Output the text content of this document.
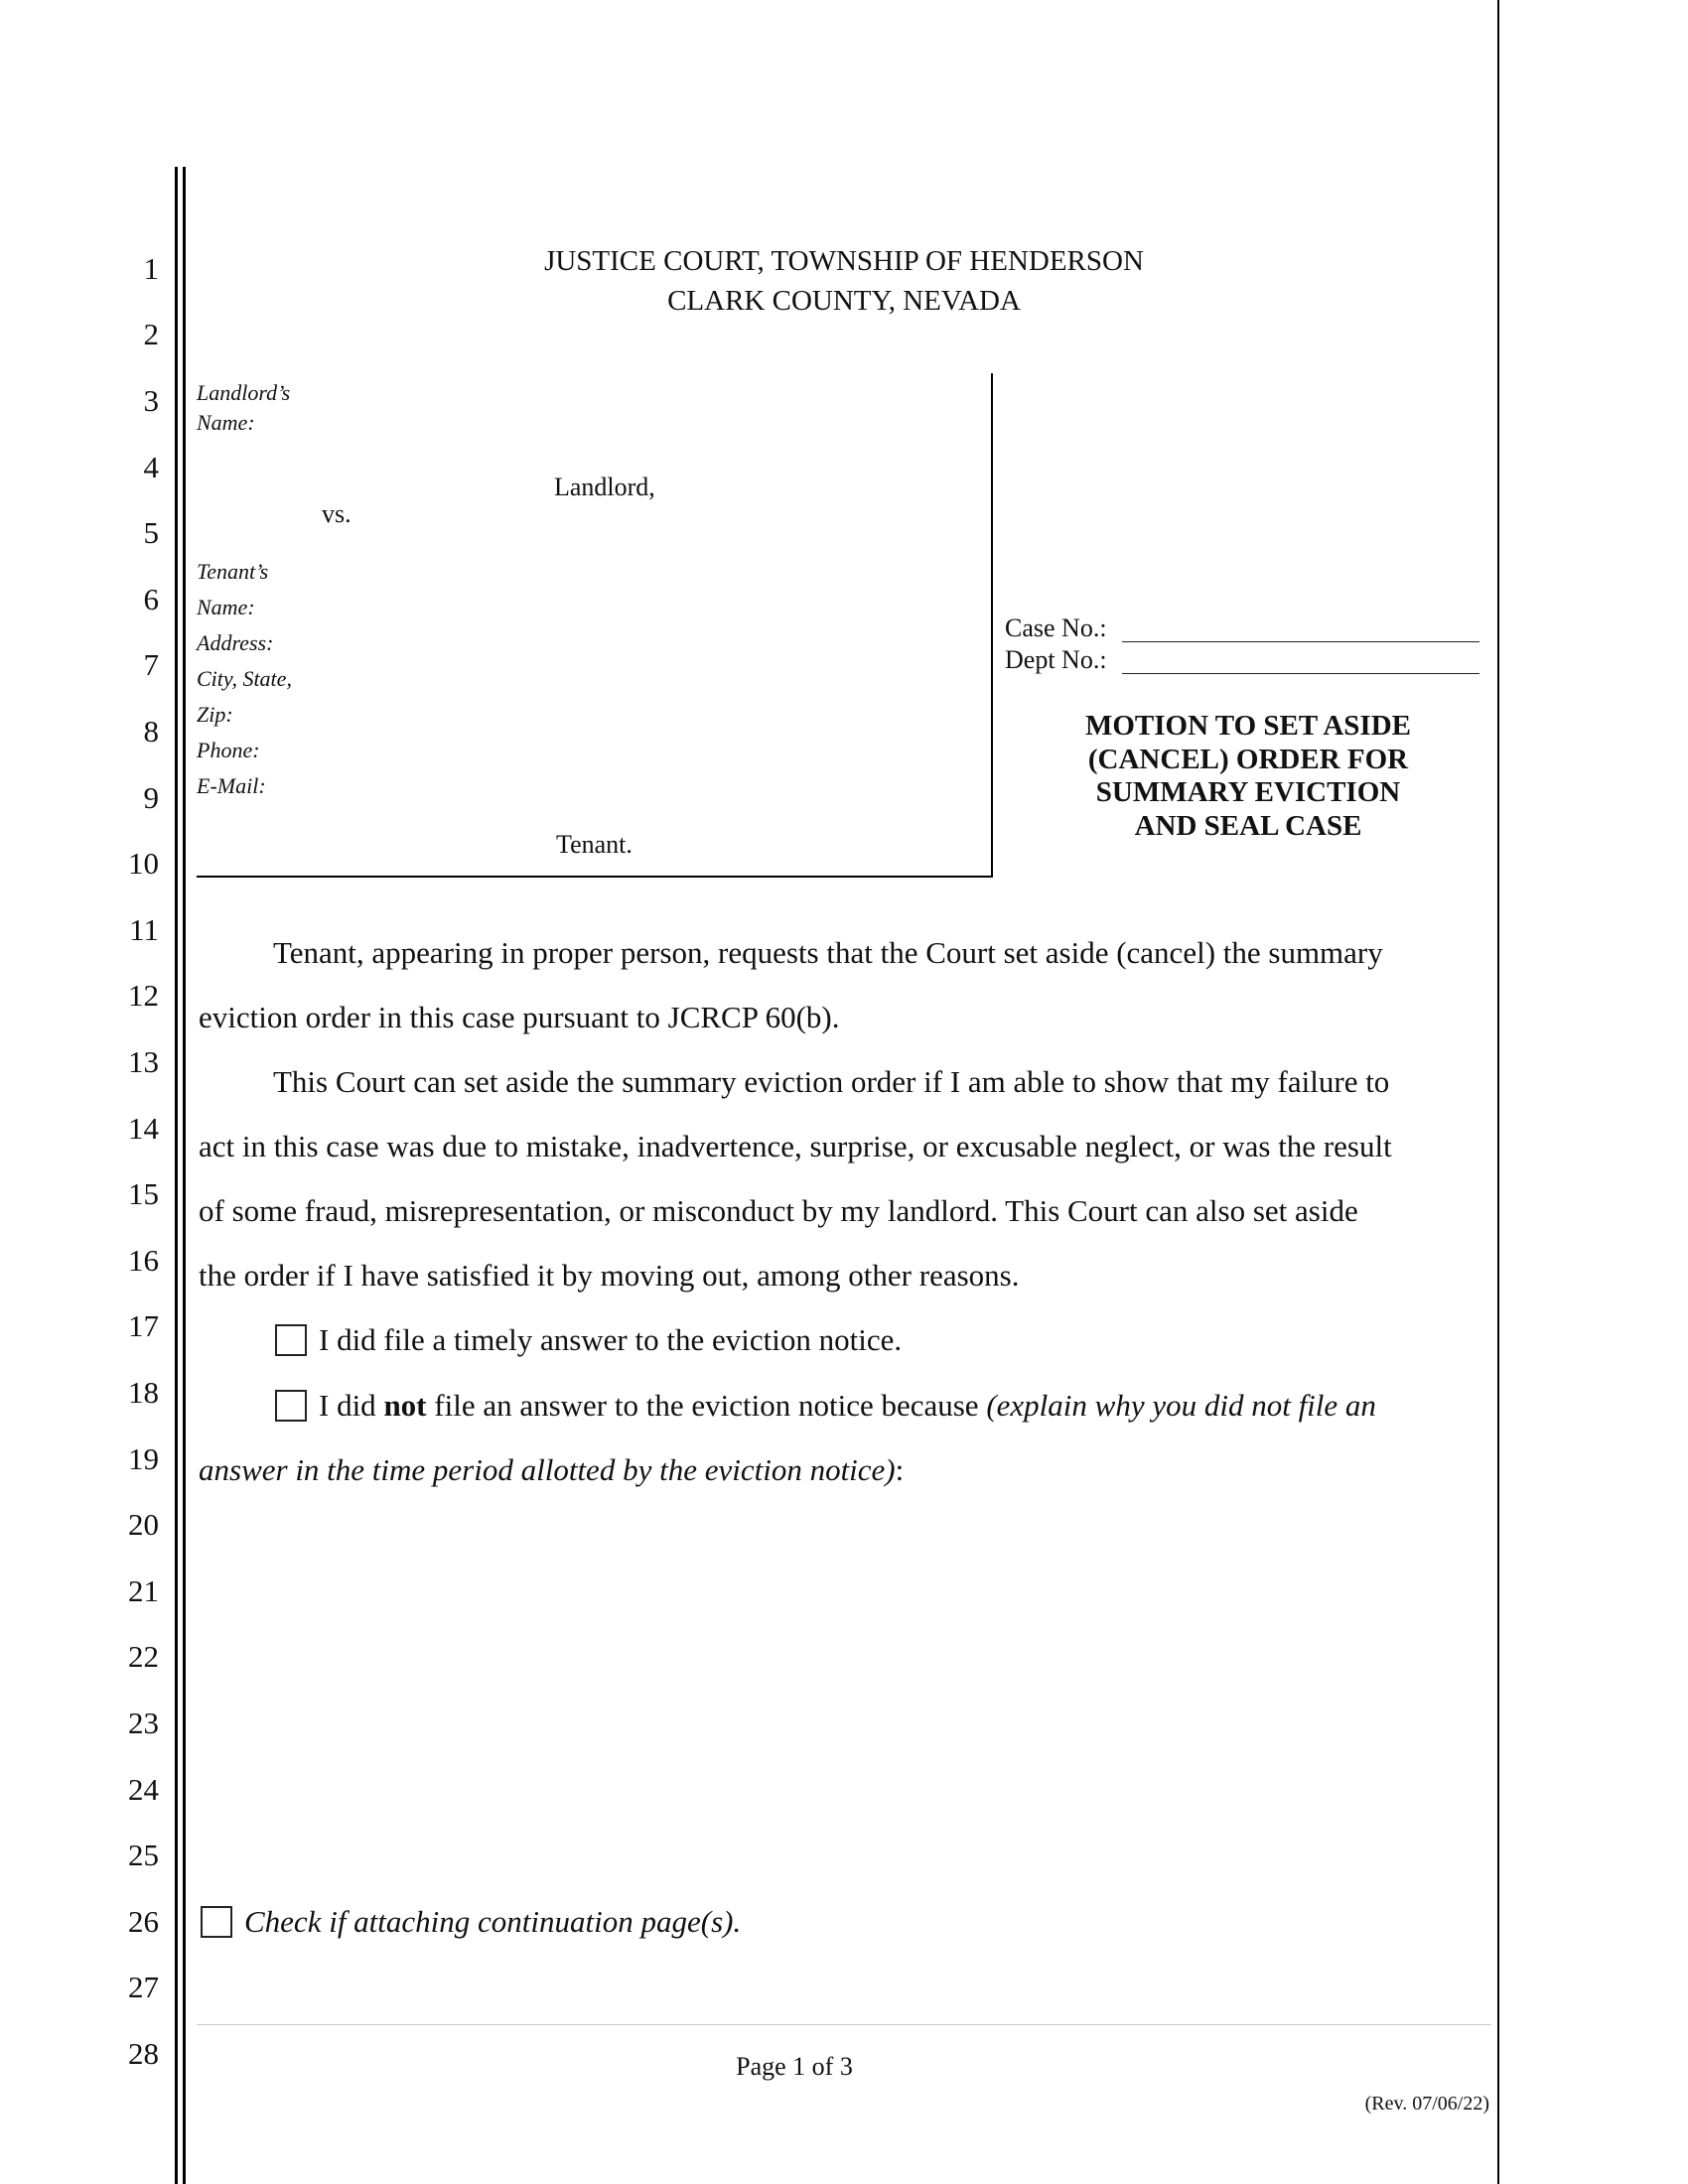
1
2
3
4
5
6
7
8
9
10
11
12
13
14
15
16
17
18
19
20
21
22
23
24
25
26
27
28
JUSTICE COURT, TOWNSHIP OF HENDERSON
CLARK COUNTY, NEVADA
Landlord’s
Name:
Landlord,
vs.
Tenant’s
Name:
Address:
City, State,
Zip:
Phone:
E-Mail:
Tenant.
Case No.:
Dept No.:
MOTION TO SET ASIDE
(CANCEL) ORDER FOR
SUMMARY EVICTION
AND SEAL CASE
Tenant, appearing in proper person, requests that the Court set aside (cancel) the summary
eviction order in this case pursuant to JCRCP 60(b).
This Court can set aside the summary eviction order if I am able to show that my failure to
act in this case was due to mistake, inadvertence, surprise, or excusable neglect, or was the result
of some fraud, misrepresentation, or misconduct by my landlord. This Court can also set aside
the order if I have satisfied it by moving out, among other reasons.
I did file a timely answer to the eviction notice.
I did not file an answer to the eviction notice because (explain why you did not file an
answer in the time period allotted by the eviction notice):
Check if attaching continuation page(s).
Page 1 of 3
(Rev. 07/06/22)
